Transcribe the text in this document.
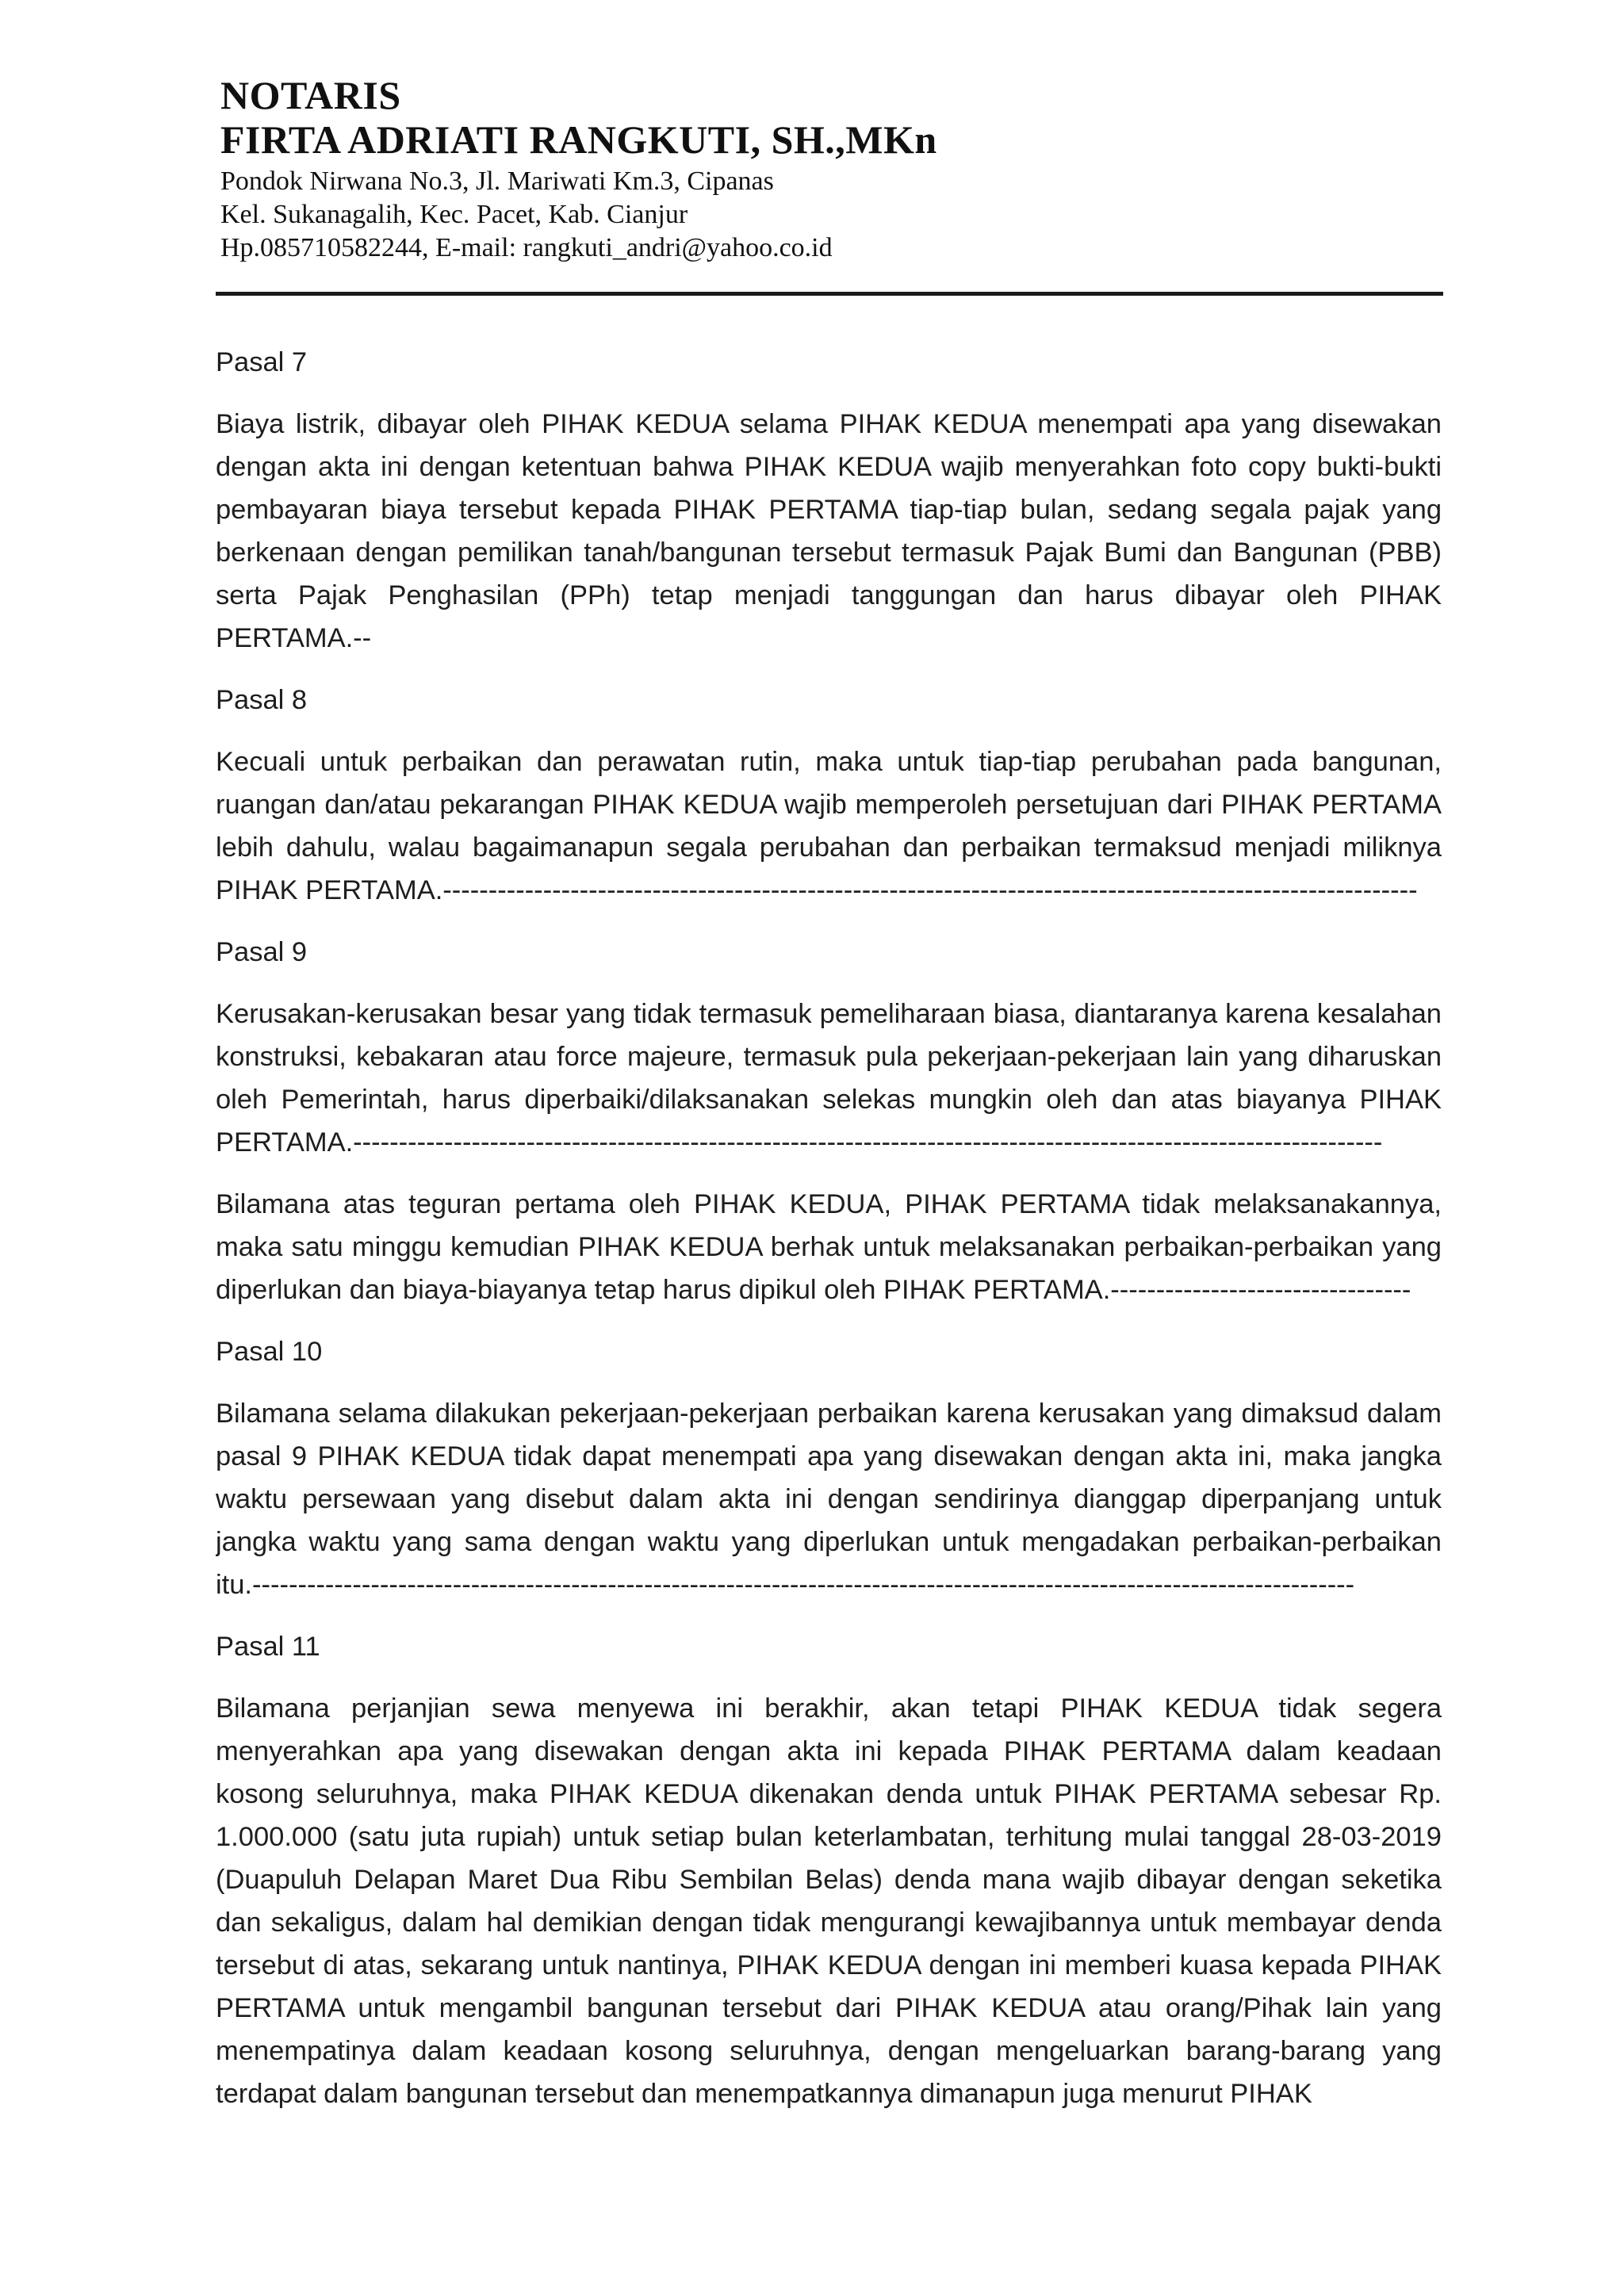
NOTARIS

FIRTA ADRIATI RANGKUTI, SH.,MKn

Pondok Nirwana No.3, Jl. Mariwati Km.3, Cipanas

Kel. Sukanagalih, Kec. Pacet, Kab. Cianjur

Hp.085710582244, E-mail: rangkuti_andri@yahoo.co.id

Pasal 7

Biaya listrik, dibayar oleh PIHAK KEDUA selama PIHAK KEDUA menempati apa yang disewakan dengan akta ini dengan ketentuan bahwa PIHAK KEDUA wajib menyerahkan foto copy bukti-bukti pembayaran biaya tersebut kepada PIHAK PERTAMA tiap-tiap bulan, sedang segala pajak yang berkenaan dengan pemilikan tanah/bangunan tersebut termasuk Pajak Bumi dan Bangunan (PBB) serta Pajak Penghasilan (PPh) tetap menjadi tanggungan dan harus dibayar oleh PIHAK PERTAMA.--

Pasal 8

Kecuali untuk perbaikan dan perawatan rutin, maka untuk tiap-tiap perubahan pada bangunan, ruangan dan/atau pekarangan PIHAK KEDUA wajib memperoleh persetujuan dari PIHAK PERTAMA lebih dahulu, walau bagaimanapun segala perubahan dan perbaikan termaksud menjadi miliknya PIHAK PERTAMA.-----------------------------------------------------------------------------------------------------------

Pasal 9

Kerusakan-kerusakan besar yang tidak termasuk pemeliharaan biasa, diantaranya karena kesalahan konstruksi, kebakaran atau force majeure, termasuk pula pekerjaan-pekerjaan lain yang diharuskan oleh Pemerintah, harus diperbaiki/dilaksanakan selekas mungkin oleh dan atas biayanya PIHAK PERTAMA.-----------------------------------------------------------------------------------------------------------------

Bilamana atas teguran pertama oleh PIHAK KEDUA, PIHAK PERTAMA tidak melaksanakannya, maka satu minggu kemudian PIHAK KEDUA berhak untuk melaksanakan perbaikan-perbaikan yang diperlukan dan biaya-biayanya tetap harus dipikul oleh PIHAK PERTAMA.---------------------------------

Pasal 10

Bilamana selama dilakukan pekerjaan-pekerjaan perbaikan karena kerusakan yang dimaksud dalam pasal 9 PIHAK KEDUA tidak dapat menempati apa yang disewakan dengan akta ini, maka jangka waktu persewaan yang disebut dalam akta ini dengan sendirinya dianggap diperpanjang untuk jangka waktu yang sama dengan waktu yang diperlukan untuk mengadakan perbaikan-perbaikan itu.-------------------------------------------------------------------------------------------------------------------------

Pasal 11

Bilamana perjanjian sewa menyewa ini berakhir, akan tetapi PIHAK KEDUA tidak segera menyerahkan apa yang disewakan dengan akta ini kepada PIHAK PERTAMA dalam keadaan kosong seluruhnya, maka PIHAK KEDUA dikenakan denda untuk PIHAK PERTAMA sebesar Rp. 1.000.000 (satu juta rupiah) untuk setiap bulan keterlambatan, terhitung mulai tanggal 28-03-2019 (Duapuluh Delapan Maret Dua Ribu Sembilan Belas) denda mana wajib dibayar dengan seketika dan sekaligus, dalam hal demikian dengan tidak mengurangi kewajibannya untuk membayar denda tersebut di atas, sekarang untuk nantinya, PIHAK KEDUA dengan ini memberi kuasa kepada PIHAK PERTAMA untuk mengambil bangunan tersebut dari PIHAK KEDUA atau orang/Pihak lain yang menempatinya dalam keadaan kosong seluruhnya, dengan mengeluarkan barang-barang yang terdapat dalam bangunan tersebut dan menempatkannya dimanapun juga menurut PIHAK
